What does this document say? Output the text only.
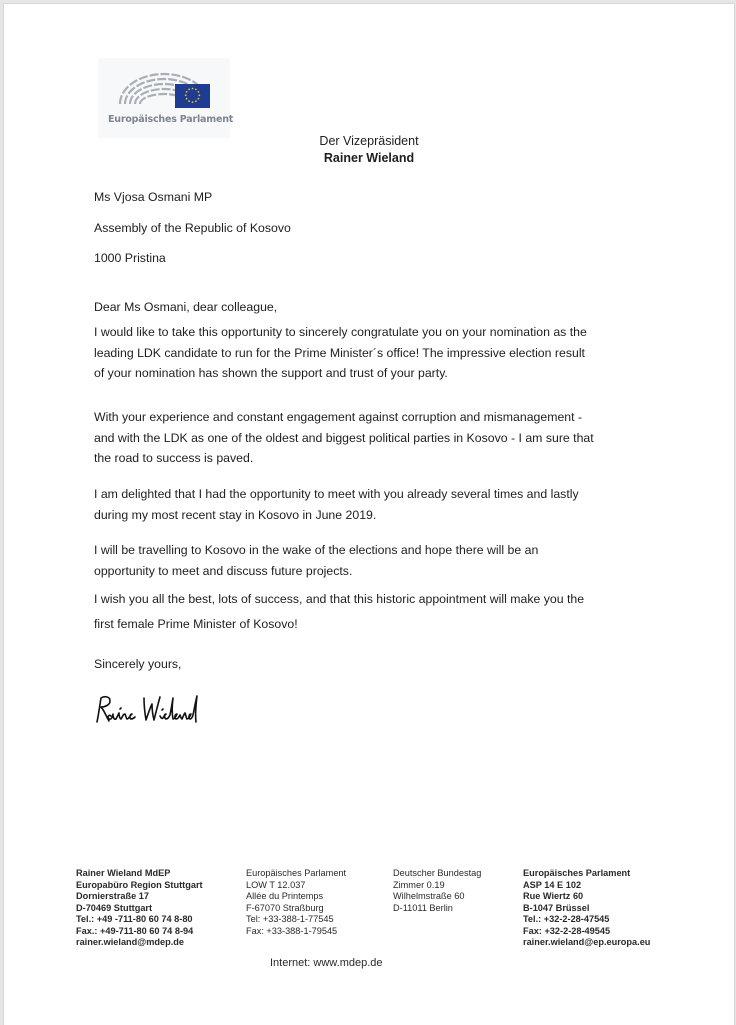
Europäisches Parlament
Der Vizepräsident
Rainer Wieland
Ms Vjosa Osmani MP
Assembly of the Republic of Kosovo
1000 Pristina
Dear Ms Osmani, dear colleague,

I would like to take this opportunity to sincerely congratulate you on your nomination as the
leading LDK candidate to run for the Prime Minister´s office! The impressive election result
of your nomination has shown the support and trust of your party.

With your experience and constant engagement against corruption and mismanagement -
and with the LDK as one of the oldest and biggest political parties in Kosovo - I am sure that
the road to success is paved.

I am delighted that I had the opportunity to meet with you already several times and lastly
during my most recent stay in Kosovo in June 2019.

I will be travelling to Kosovo in the wake of the elections and hope there will be an
opportunity to meet and discuss future projects.

I wish you all the best, lots of success, and that this historic appointment will make you the
first female Prime Minister of Kosovo!

Sincerely yours,
Rainer Wieland MdEP
Europabüro Region Stuttgart
Dornierstraße 17
D-70469 Stuttgart
Tel.: +49 -711-80 60 74 8-80
Fax.: +49-711-80 60 74 8-94
rainer.wieland@mdep.de
Europäisches Parlament
LOW T 12.037
Allée du Printemps
F-67070 Straßburg
Tel: +33-388-1-77545
Fax: +33-388-1-79545
Deutscher Bundestag
Zimmer 0.19
Wilhelmstraße 60
D-11011 Berlin
Europäisches Parlament
ASP 14 E 102
Rue Wiertz 60
B-1047 Brüssel
Tel.: +32-2-28-47545
Fax: +32-2-28-49545
rainer.wieland@ep.europa.eu
Internet: www.mdep.de
